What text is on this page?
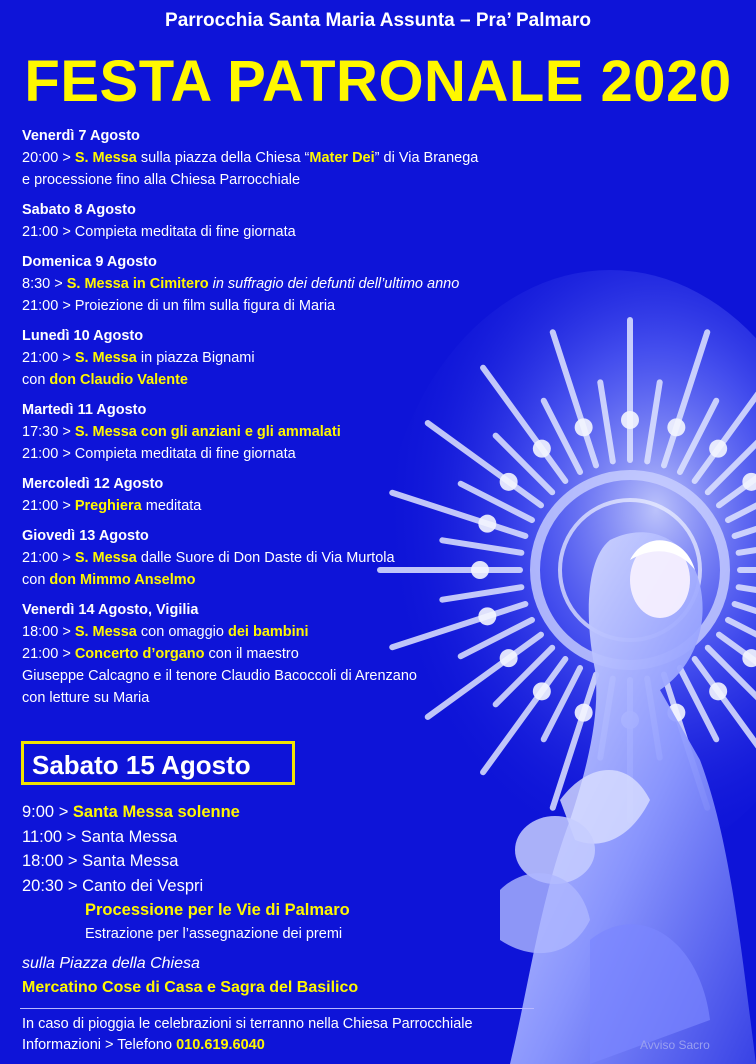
Parrocchia Santa Maria Assunta – Pra’ Palmaro
FESTA PATRONALE 2020
Venerdì 7 Agosto
20:00 > S. Messa sulla piazza della Chiesa “Mater Dei” di Via Branega
e processione fino alla Chiesa Parrocchiale
Sabato 8 Agosto
21:00 > Compieta meditata di fine giornata
Domenica 9 Agosto
8:30 > S. Messa in Cimitero in suffragio dei defunti dell’ultimo anno
21:00 > Proiezione di un film sulla figura di Maria
Lunedì 10 Agosto
21:00 > S. Messa in piazza Bignami
con don Claudio Valente
Martedì 11 Agosto
17:30 > S. Messa con gli anziani e gli ammalati
21:00 > Compieta meditata di fine giornata
Mercoledì 12 Agosto
21:00 > Preghiera meditata
Giovedì 13 Agosto
21:00 > S. Messa dalle Suore di Don Daste di Via Murtola
con don Mimmo Anselmo
Venerdì 14 Agosto, Vigilia
18:00 > S. Messa con omaggio dei bambini
21:00 > Concerto d’organo con il maestro
Giuseppe Calcagno e il tenore Claudio Bacoccoli di Arenzano
con letture su Maria
Sabato 15 Agosto
9:00 > Santa Messa solenne
11:00 > Santa Messa
18:00 > Santa Messa
20:30 > Canto dei Vespri
Processione per le Vie di Palmaro
Estrazione per l’assegnazione dei premi
sulla Piazza della Chiesa
Mercatino Cose di Casa e Sagra del Basilico
In caso di pioggia le celebrazioni si terranno nella Chiesa Parrocchiale
Informazioni > Telefono 010.619.6040	Avviso Sacro
